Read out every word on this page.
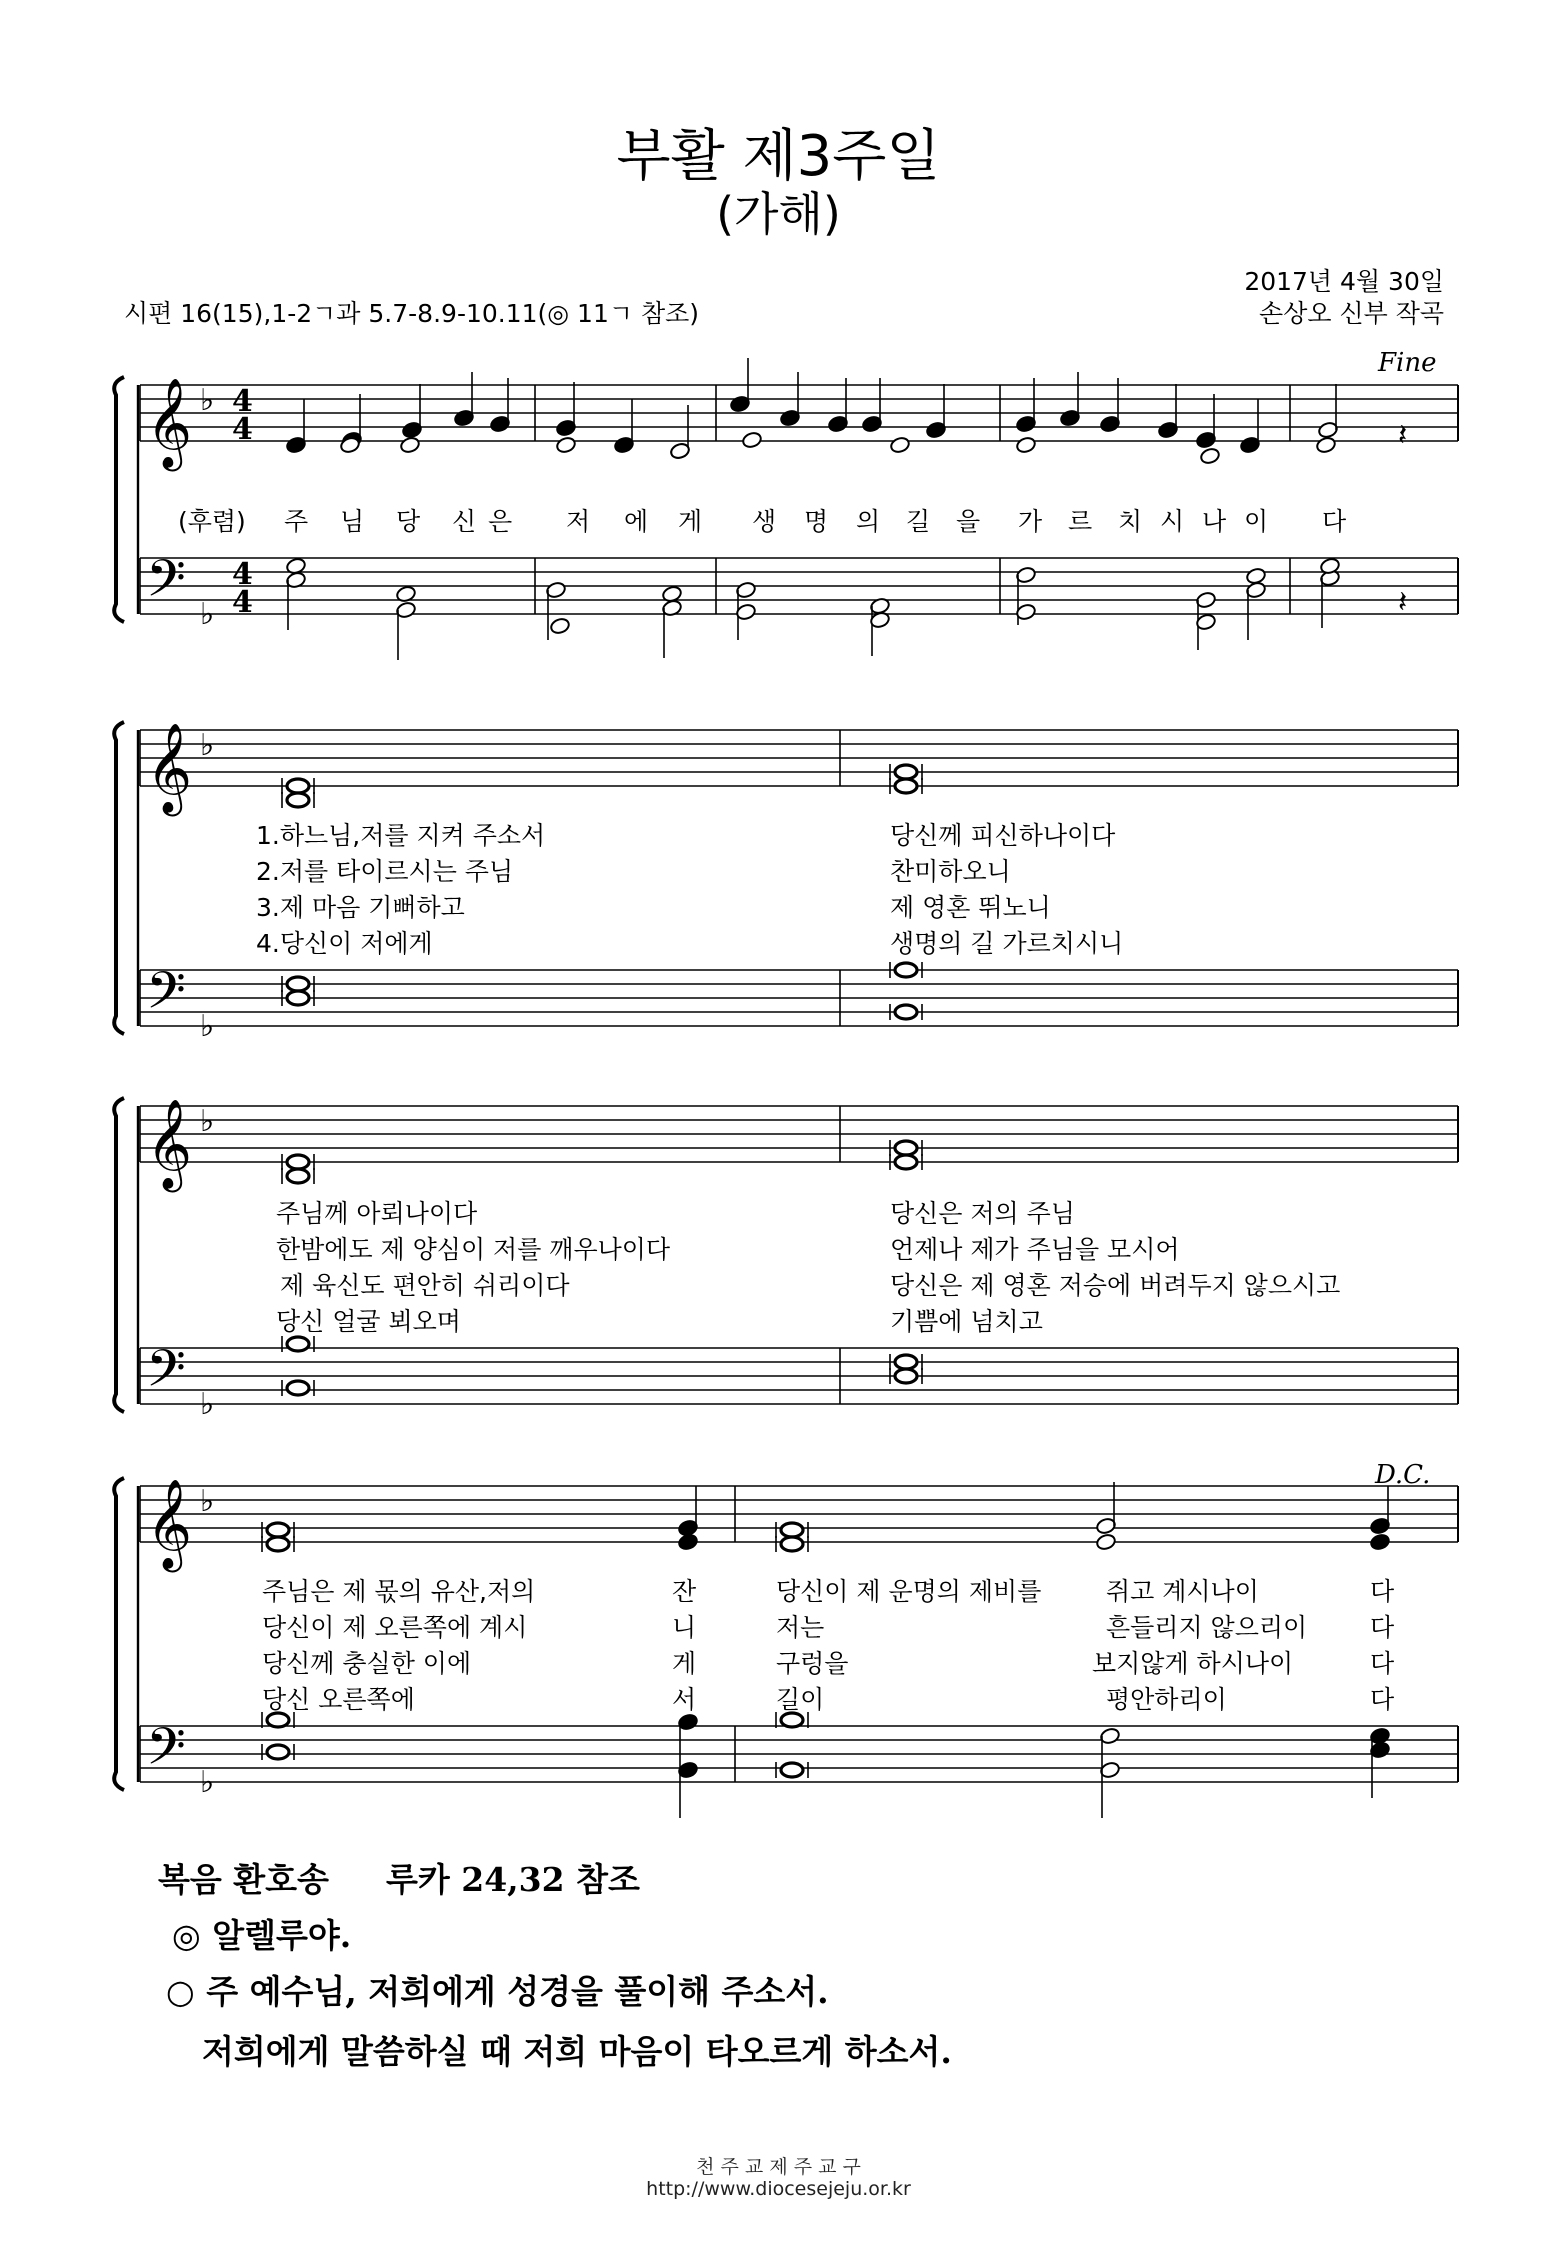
부활 제3주일
(가해)
2017년 4월 30일
손상오 신부 작곡
시편 16(15),1-2ㄱ과 5.7-8.9-10.11(◎ 11ㄱ 참조)
𝄞 ♭
𝄢 ♭
4
4
4
4
𝄽
𝄽
𝄞 ♭
𝄢 ♭
𝄞 ♭
𝄢 ♭
𝄞 ♭
𝄢 ♭
Fine
D.C.
(후렴) 주 님 당 신 은 저 에 게 생 명 의 길 을 가 르 치 시 나 이 다
1.하느님,저를 지켜 주소서
2.저를 타이르시는 주님
3.제 마음 기뻐하고
4.당신이 저에게
당신께 피신하나이다
찬미하오니
제 영혼 뛰노니
생명의 길 가르치시니
주님께 아뢰나이다
한밤에도 제 양심이 저를 깨우나이다
제 육신도 편안히 쉬리이다
당신 얼굴 뵈오며
당신은 저의 주님
언제나 제가 주님을 모시어
당신은 제 영혼 저승에 버려두지 않으시고
기쁨에 넘치고
주님은 제 몫의 유산,저의
당신이 제 오른쪽에 계시
당신께 충실한 이에
당신 오른쪽에
잔
니
게
서
당신이 제 운명의 제비를
저는
구렁을
길이
쥐고 계시나이
흔들리지 않으리이
보지않게 하시나이
평안하리이
다
다
다
다
복음 환호송 루카 24,32 참조
◎ 알렐루야.
○ 주 예수님, 저희에게 성경을 풀이해 주소서.
저희에게 말씀하실 때 저희 마음이 타오르게 하소서.
천 주 교 제 주 교 구
http://www.diocesejeju.or.kr
